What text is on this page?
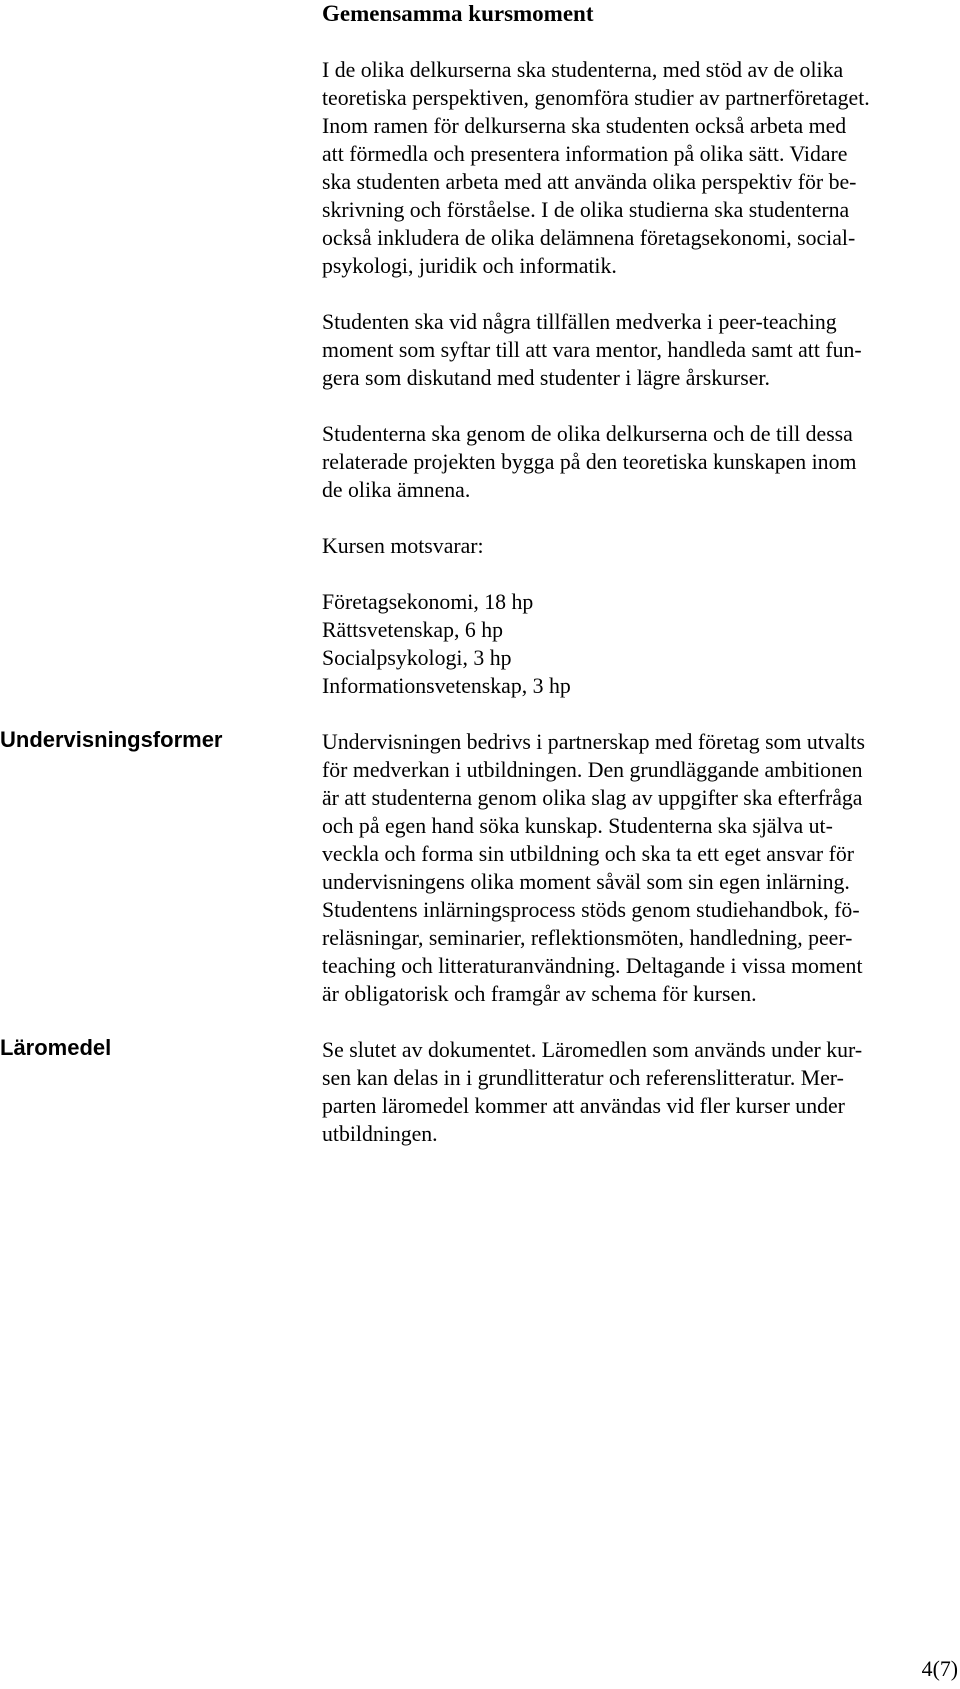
Gemensamma kursmoment
I de olika delkurserna ska studenterna, med stöd av de olika
teoretiska perspektiven, genomföra studier av partnerföretaget.
Inom ramen för delkurserna ska studenten också arbeta med
att förmedla och presentera information på olika sätt. Vidare
ska studenten arbeta med att använda olika perspektiv för be-
skrivning och förståelse. I de olika studierna ska studenterna
också inkludera de olika delämnena företagsekonomi, social-
psykologi, juridik och informatik.
Studenten ska vid några tillfällen medverka i peer-teaching
moment som syftar till att vara mentor, handleda samt att fun-
gera som diskutand med studenter i lägre årskurser.
Studenterna ska genom de olika delkurserna och de till dessa
relaterade projekten bygga på den teoretiska kunskapen inom
de olika ämnena.
Kursen motsvarar:
Företagsekonomi, 18 hp
Rättsvetenskap, 6 hp
Socialpsykologi, 3 hp
Informationsvetenskap, 3 hp
Undervisningsformer	Undervisningen bedrivs i partnerskap med företag som utvalts
för medverkan i utbildningen. Den grundläggande ambitionen
är att studenterna genom olika slag av uppgifter ska efterfråga
och på egen hand söka kunskap. Studenterna ska själva ut-
veckla och forma sin utbildning och ska ta ett eget ansvar för
undervisningens olika moment såväl som sin egen inlärning.
Studentens inlärningsprocess stöds genom studiehandbok, fö-
reläsningar, seminarier, reflektionsmöten, handledning, peer-
teaching och litteraturanvändning. Deltagande i vissa moment
är obligatorisk och framgår av schema för kursen.
Läromedel	Se slutet av dokumentet. Läromedlen som används under kur-
sen kan delas in i grundlitteratur och referenslitteratur. Mer-
parten läromedel kommer att användas vid fler kurser under
utbildningen.
4(7)
